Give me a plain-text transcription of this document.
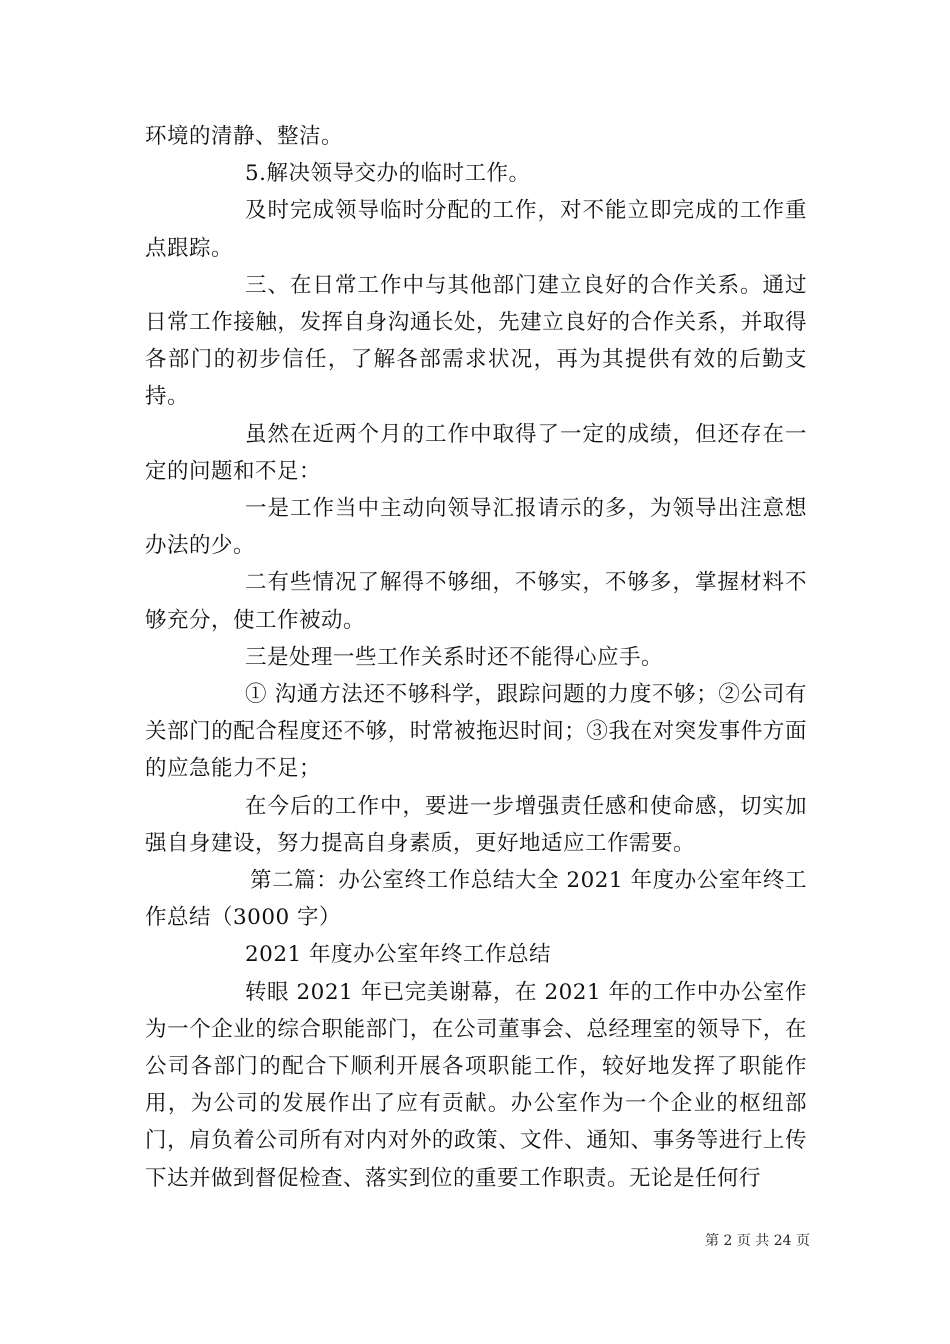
环境的清静、整洁。

5.解决领导交办的临时工作。

及时完成领导临时分配的工作，对不能立即完成的工作重点跟踪。

三、在日常工作中与其他部门建立良好的合作关系。通过日常工作接触，发挥自身沟通长处，先建立良好的合作关系，并取得各部门的初步信任，了解各部需求状况，再为其提供有效的后勤支持。

虽然在近两个月的工作中取得了一定的成绩，但还存在一定的问题和不足：

一是工作当中主动向领导汇报请示的多，为领导出注意想办法的少。

二有些情况了解得不够细，不够实，不够多，掌握材料不够充分，使工作被动。

三是处理一些工作关系时还不能得心应手。

① 沟通方法还不够科学，跟踪问题的力度不够；②公司有关部门的配合程度还不够，时常被拖迟时间；③我在对突发事件方面的应急能力不足；

在今后的工作中，要进一步增强责任感和使命感，切实加强自身建设，努力提高自身素质，更好地适应工作需要。

第二篇：办公室终工作总结大全 2021 年度办公室年终工作总结（3000 字）

2021 年度办公室年终工作总结

转眼 2021 年已完美谢幕，在 2021 年的工作中办公室作为一个企业的综合职能部门，在公司董事会、总经理室的领导下，在公司各部门的配合下顺利开展各项职能工作，较好地发挥了职能作用，为公司的发展作出了应有贡献。办公室作为一个企业的枢纽部门，肩负着公司所有对内对外的政策、文件、通知、事务等进行上传下达并做到督促检查、落实到位的重要工作职责。无论是任何行

第 2 页 共 24 页
